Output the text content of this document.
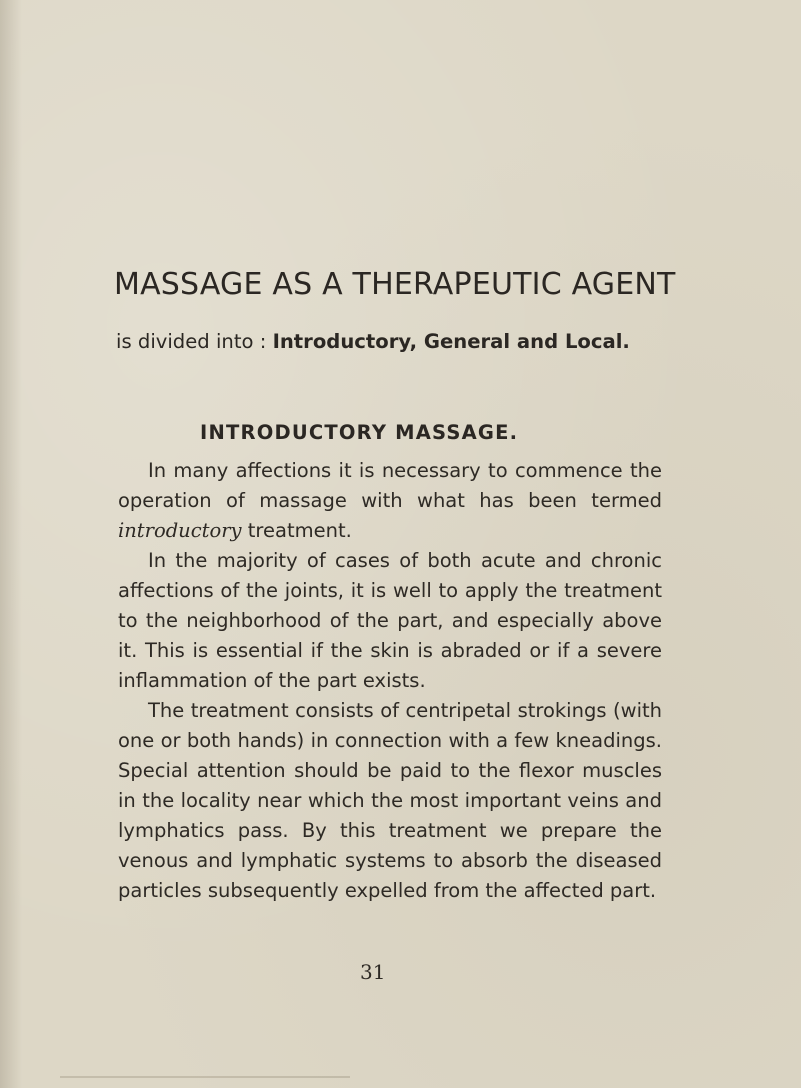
MASSAGE AS A THERAPEUTIC AGENT

is divided into : Introductory, General and Local.

INTRODUCTORY MASSAGE.

In many affections it is necessary to commence the operation of massage with what has been termed introductory treatment.

In the majority of cases of both acute and chronic affections of the joints, it is well to apply the treatment to the neighborhood of the part, and especially above it. This is essential if the skin is abraded or if a severe inflammation of the part exists.

The treatment consists of centripetal strokings (with one or both hands) in connection with a few kneadings. Special attention should be paid to the flexor muscles in the locality near which the most important veins and lymphatics pass. By this treatment we prepare the venous and lymphatic systems to absorb the diseased particles subsequently expelled from the affected part.

31
